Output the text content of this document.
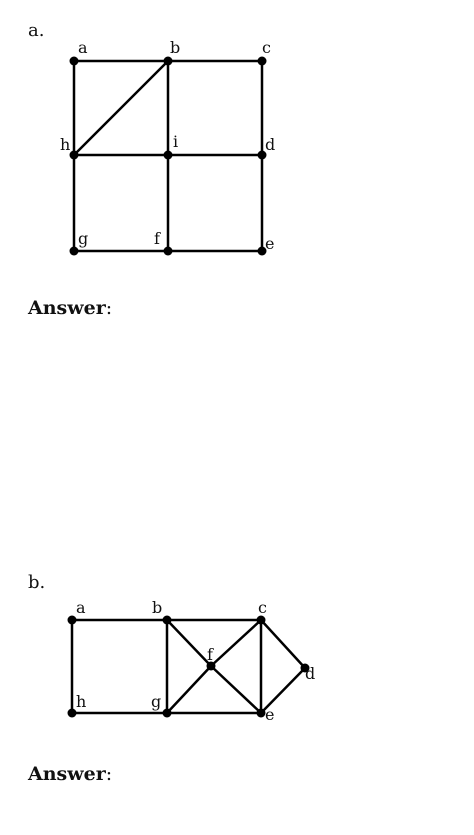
a.
a	b	c
h	i	d
g	f	e
Answer:
b.
a	b	c
f
d
h	g
e
Answer:
